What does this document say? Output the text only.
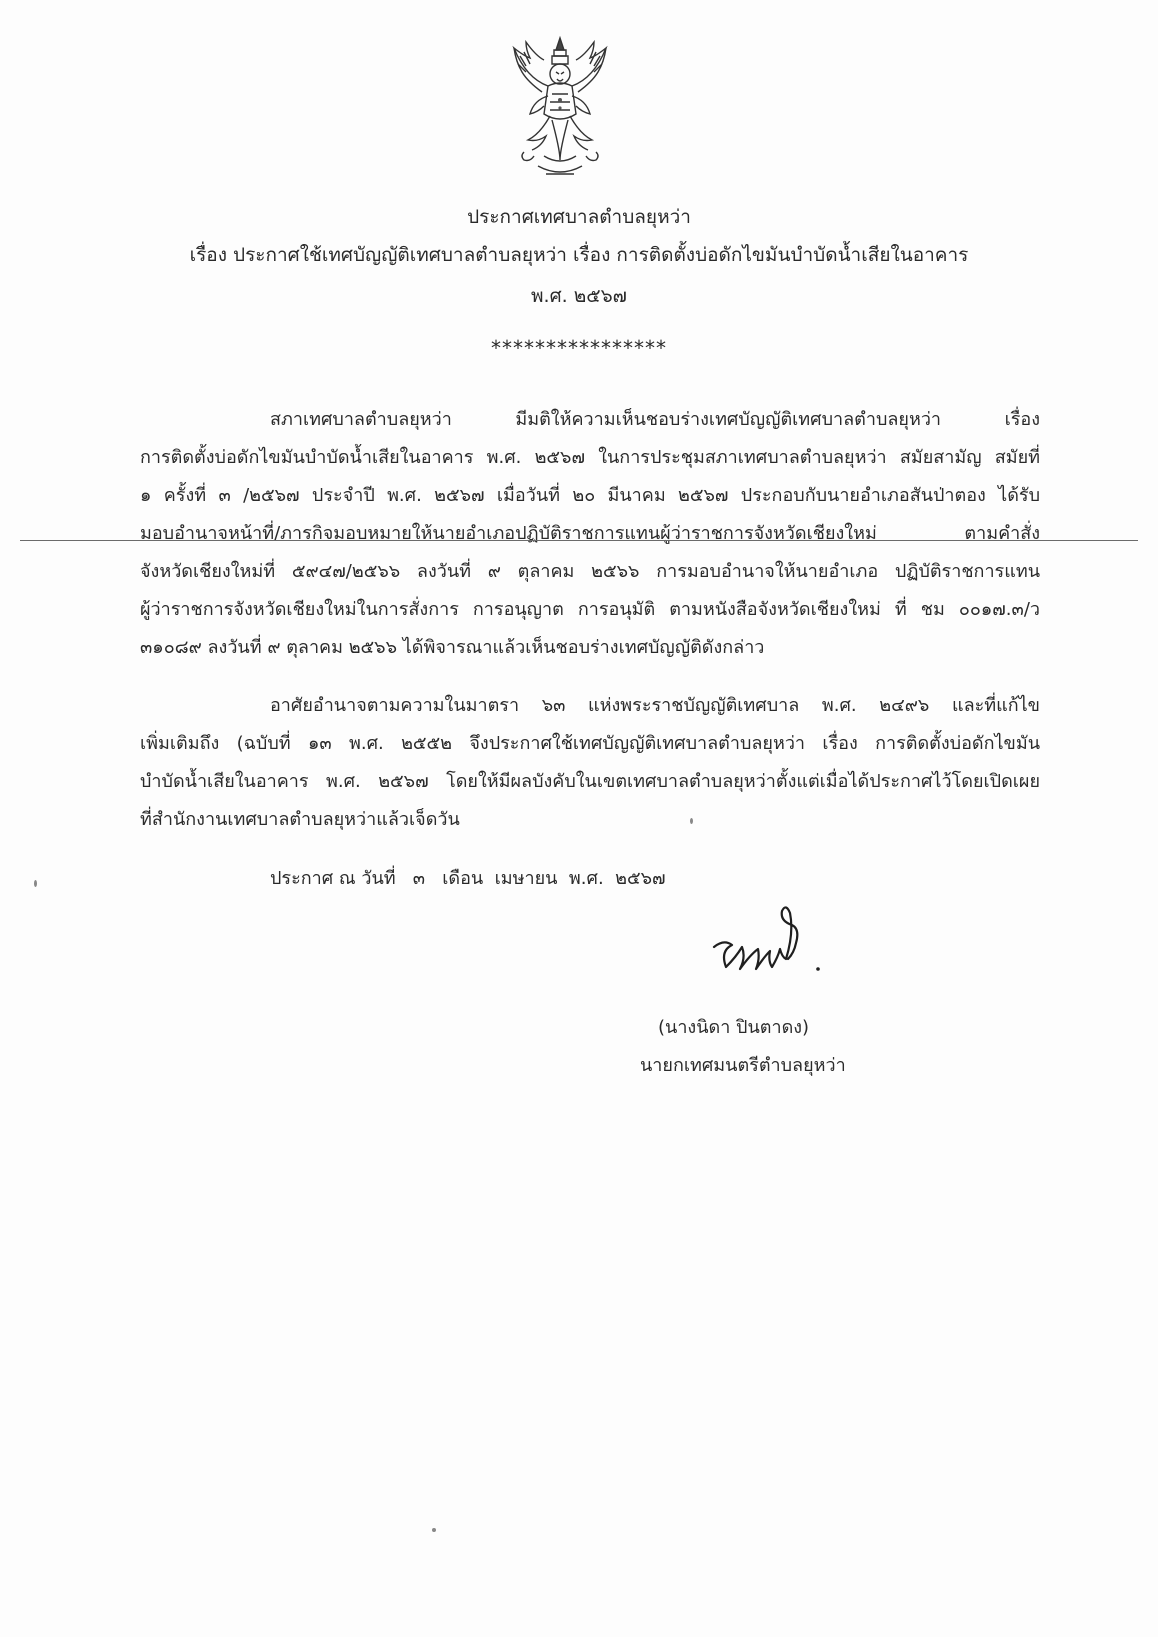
ประกาศเทศบาลตำบลยุหว่า
เรื่อง ประกาศใช้เทศบัญญัติเทศบาลตำบลยุหว่า เรื่อง การติดตั้งบ่อดักไขมันบำบัดน้ำเสียในอาคาร
พ.ศ. ๒๕๖๗
****************
สภาเทศบาลตำบลยุหว่า มีมติให้ความเห็นชอบร่างเทศบัญญัติเทศบาลตำบลยุหว่า เรื่อง
การติดตั้งบ่อดักไขมันบำบัดน้ำเสียในอาคาร พ.ศ. ๒๕๖๗ ในการประชุมสภาเทศบาลตำบลยุหว่า สมัยสามัญ สมัยที่
๑ ครั้งที่ ๓ /๒๕๖๗ ประจำปี พ.ศ. ๒๕๖๗ เมื่อวันที่ ๒๐ มีนาคม ๒๕๖๗ ประกอบกับนายอำเภอสันป่าตอง ได้รับ
มอบอำนาจหน้าที่/ภารกิจมอบหมายให้นายอำเภอปฏิบัติราชการแทนผู้ว่าราชการจังหวัดเชียงใหม่ ตามคำสั่ง
จังหวัดเชียงใหม่ที่ ๕๙๔๗/๒๕๖๖ ลงวันที่ ๙ ตุลาคม ๒๕๖๖ การมอบอำนาจให้นายอำเภอ ปฏิบัติราชการแทน
ผู้ว่าราชการจังหวัดเชียงใหม่ในการสั่งการ การอนุญาต การอนุมัติ ตามหนังสือจังหวัดเชียงใหม่ ที่ ชม ๐๐๑๗.๓/ว
๓๑๐๘๙ ลงวันที่ ๙ ตุลาคม ๒๕๖๖ ได้พิจารณาแล้วเห็นชอบร่างเทศบัญญัติดังกล่าว
อาศัยอำนาจตามความในมาตรา ๖๓ แห่งพระราชบัญญัติเทศบาล พ.ศ. ๒๔๙๖ และที่แก้ไข
เพิ่มเติมถึง (ฉบับที่ ๑๓ พ.ศ. ๒๕๕๒ จึงประกาศใช้เทศบัญญัติเทศบาลตำบลยุหว่า เรื่อง การติดตั้งบ่อดักไขมัน
บำบัดน้ำเสียในอาคาร พ.ศ. ๒๕๖๗ โดยให้มีผลบังคับในเขตเทศบาลตำบลยุหว่าตั้งแต่เมื่อได้ประกาศไว้โดยเปิดเผย
ที่สำนักงานเทศบาลตำบลยุหว่าแล้วเจ็ดวัน
ประกาศ ณ วันที่   ๓   เดือน  เมษายน  พ.ศ.  ๒๕๖๗
(นางนิดา ปินตาดง)
นายกเทศมนตรีตำบลยุหว่า
